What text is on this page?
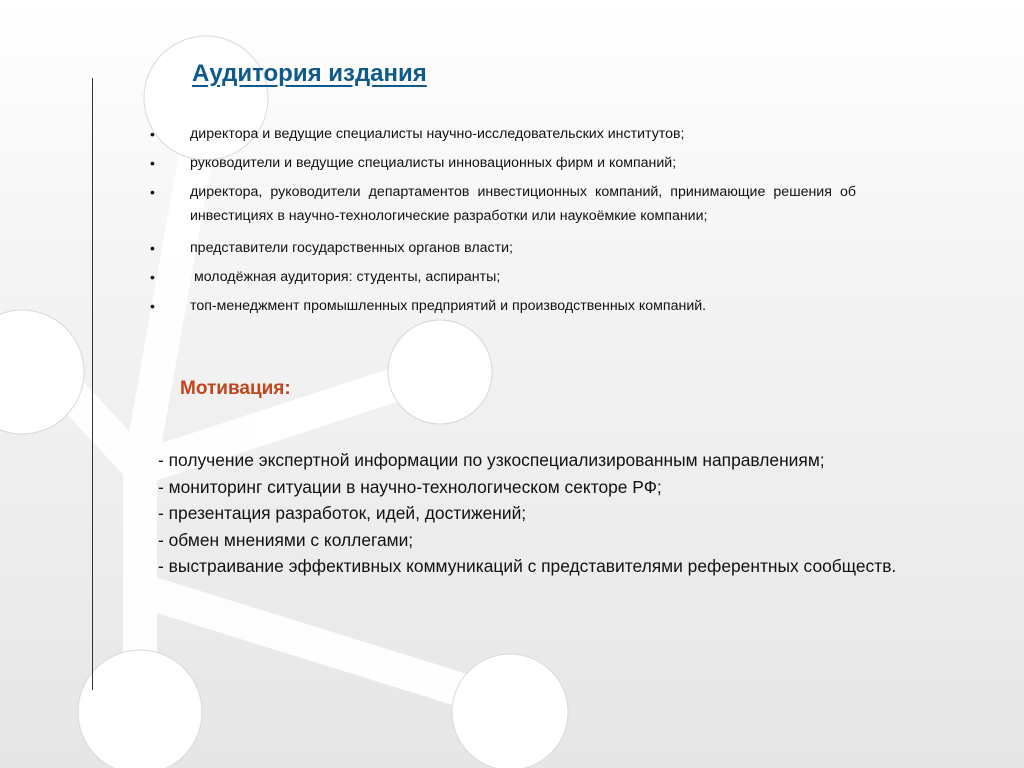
Аудитория издания
• директора и ведущие специалисты научно-исследовательских институтов;
• руководители и ведущие специалисты инновационных фирм и компаний;
• директора, руководители департаментов инвестиционных компаний, принимающие решения об инвестициях в научно-технологические разработки или наукоёмкие компании;
• представители государственных органов власти;
• молодёжная аудитория: студенты, аспиранты;
• топ-менеджмент промышленных предприятий и производственных компаний.
Мотивация:
- получение экспертной информации по узкоспециализированным направлениям;
- мониторинг ситуации в научно-технологическом секторе РФ;
- презентация разработок, идей, достижений;
- обмен мнениями с коллегами;
- выстраивание эффективных коммуникаций с представителями референтных сообществ.
